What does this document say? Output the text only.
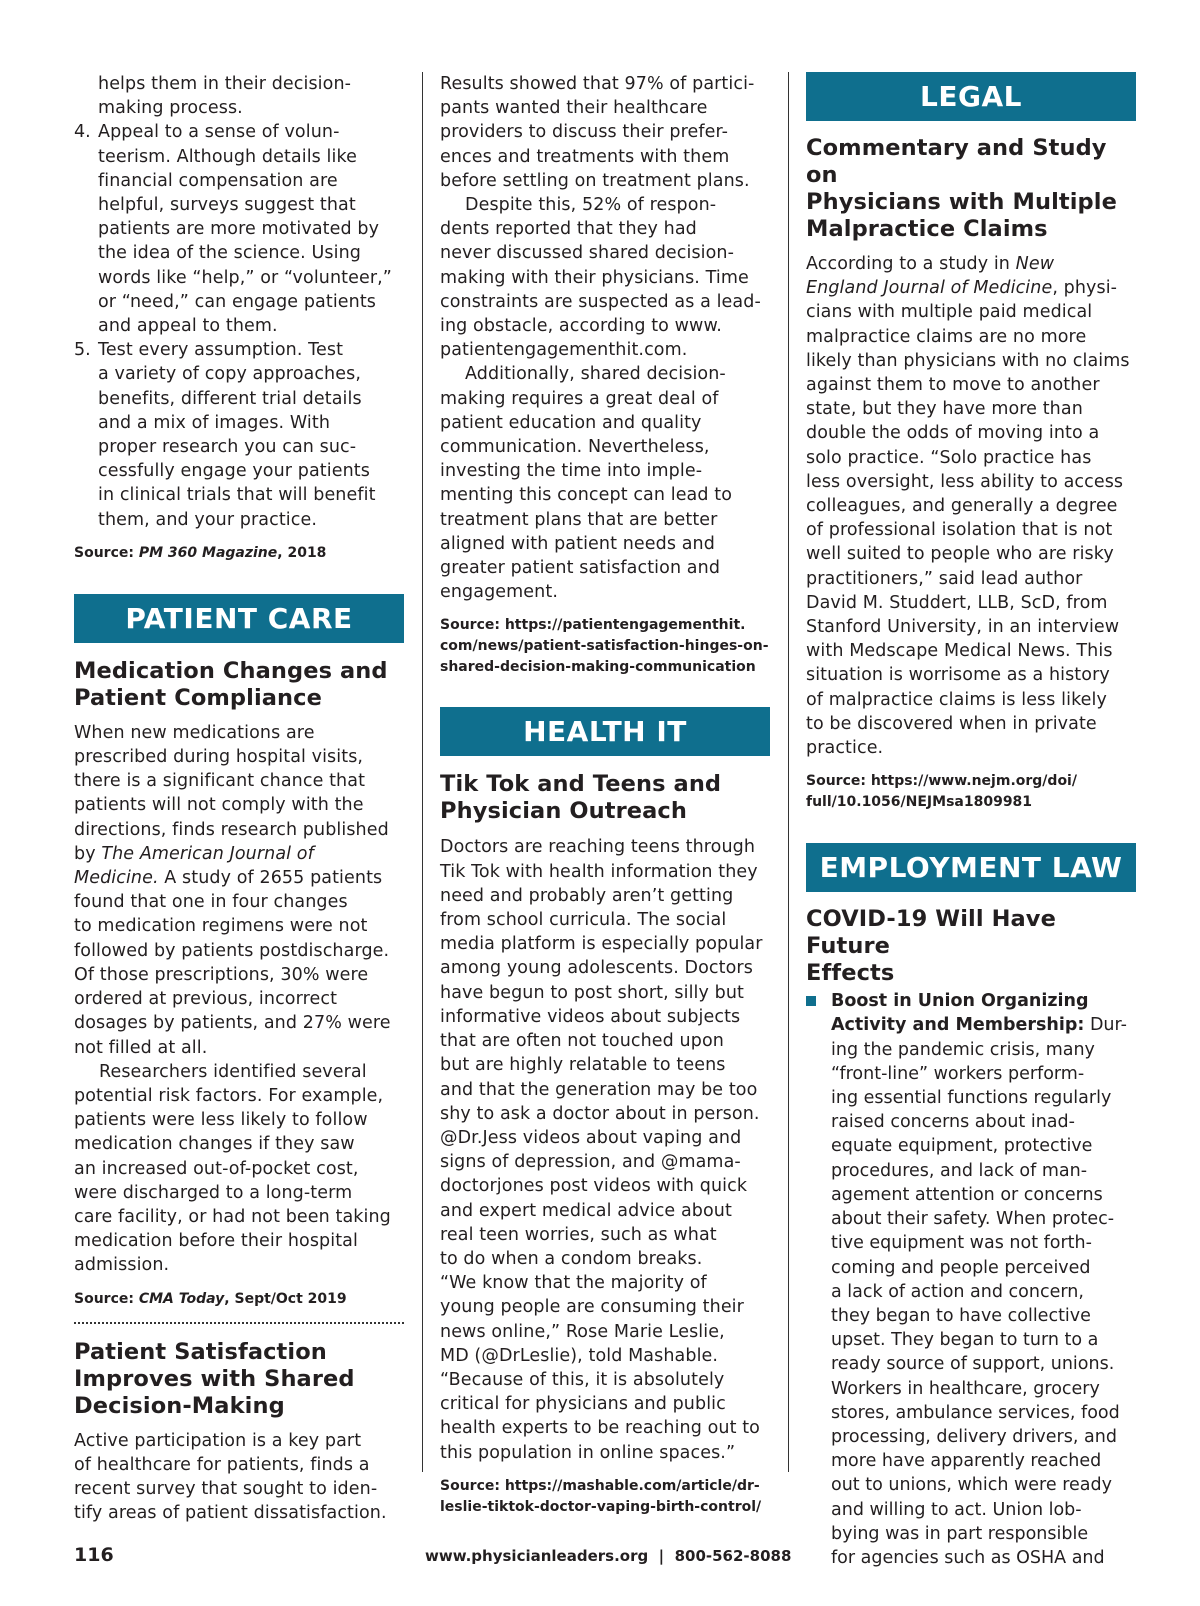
helps them in their decision-
making process.
4. Appeal to a sense of volun-
teerism. Although details like
financial compensation are
helpful, surveys suggest that
patients are more motivated by
the idea of the science. Using
words like “help,” or “volunteer,”
or “need,” can engage patients
and appeal to them.
5. Test every assumption. Test
a variety of copy approaches,
benefits, different trial details
and a mix of images. With
proper research you can suc-
cessfully engage your patients
in clinical trials that will benefit
them, and your practice.
Source: PM 360 Magazine, 2018
PATIENT CARE
Medication Changes and
Patient Compliance
When new medications are
prescribed during hospital visits,
there is a significant chance that
patients will not comply with the
directions, finds research published
by The American Journal of
Medicine. A study of 2655 patients
found that one in four changes
to medication regimens were not
followed by patients postdischarge.
Of those prescriptions, 30% were
ordered at previous, incorrect
dosages by patients, and 27% were
not filled at all.
Researchers identified several
potential risk factors. For example,
patients were less likely to follow
medication changes if they saw
an increased out-of-pocket cost,
were discharged to a long-term
care facility, or had not been taking
medication before their hospital
admission.
Source: CMA Today, Sept/Oct 2019
Patient Satisfaction
Improves with Shared
Decision-Making
Active participation is a key part
of healthcare for patients, finds a
recent survey that sought to iden-
tify areas of patient dissatisfaction.
Results showed that 97% of partici-
pants wanted their healthcare
providers to discuss their prefer-
ences and treatments with them
before settling on treatment plans.
Despite this, 52% of respon-
dents reported that they had
never discussed shared decision-
making with their physicians. Time
constraints are suspected as a lead-
ing obstacle, according to www.
patientengagementhit.com.
Additionally, shared decision-
making requires a great deal of
patient education and quality
communication. Nevertheless,
investing the time into imple-
menting this concept can lead to
treatment plans that are better
aligned with patient needs and
greater patient satisfaction and
engagement.
Source: https://patientengagementhit.
com/news/patient-satisfaction-hinges-on-
shared-decision-making-communication
HEALTH IT
Tik Tok and Teens and
Physician Outreach
Doctors are reaching teens through
Tik Tok with health information they
need and probably aren’t getting
from school curricula. The social
media platform is especially popular
among young adolescents. Doctors
have begun to post short, silly but
informative videos about subjects
that are often not touched upon
but are highly relatable to teens
and that the generation may be too
shy to ask a doctor about in person.
@Dr.Jess videos about vaping and
signs of depression, and @mama-
doctorjones post videos with quick
and expert medical advice about
real teen worries, such as what
to do when a condom breaks.
“We know that the majority of
young people are consuming their
news online,” Rose Marie Leslie,
MD (@DrLeslie), told Mashable.
“Because of this, it is absolutely
critical for physicians and public
health experts to be reaching out to
this population in online spaces.”
Source: https://mashable.com/article/dr-
leslie-tiktok-doctor-vaping-birth-control/
LEGAL
Commentary and Study on
Physicians with Multiple
Malpractice Claims
According to a study in New
England Journal of Medicine, physi-
cians with multiple paid medical
malpractice claims are no more
likely than physicians with no claims
against them to move to another
state, but they have more than
double the odds of moving into a
solo practice. “Solo practice has
less oversight, less ability to access
colleagues, and generally a degree
of professional isolation that is not
well suited to people who are risky
practitioners,” said lead author
David M. Studdert, LLB, ScD, from
Stanford University, in an interview
with Medscape Medical News. This
situation is worrisome as a history
of malpractice claims is less likely
to be discovered when in private
practice.
Source: https://www.nejm.org/doi/
full/10.1056/NEJMsa1809981
EMPLOYMENT LAW
COVID-19 Will Have Future
Effects
Boost in Union Organizing
Activity and Membership: Dur-
ing the pandemic crisis, many
“front-line” workers perform-
ing essential functions regularly
raised concerns about inad-
equate equipment, protective
procedures, and lack of man-
agement attention or concerns
about their safety. When protec-
tive equipment was not forth-
coming and people perceived
a lack of action and concern,
they began to have collective
upset. They began to turn to a
ready source of support, unions.
Workers in healthcare, grocery
stores, ambulance services, food
processing, delivery drivers, and
more have apparently reached
out to unions, which were ready
and willing to act. Union lob-
bying was in part responsible
for agencies such as OSHA and
116	www.physicianleaders.org  |  800-562-8088
